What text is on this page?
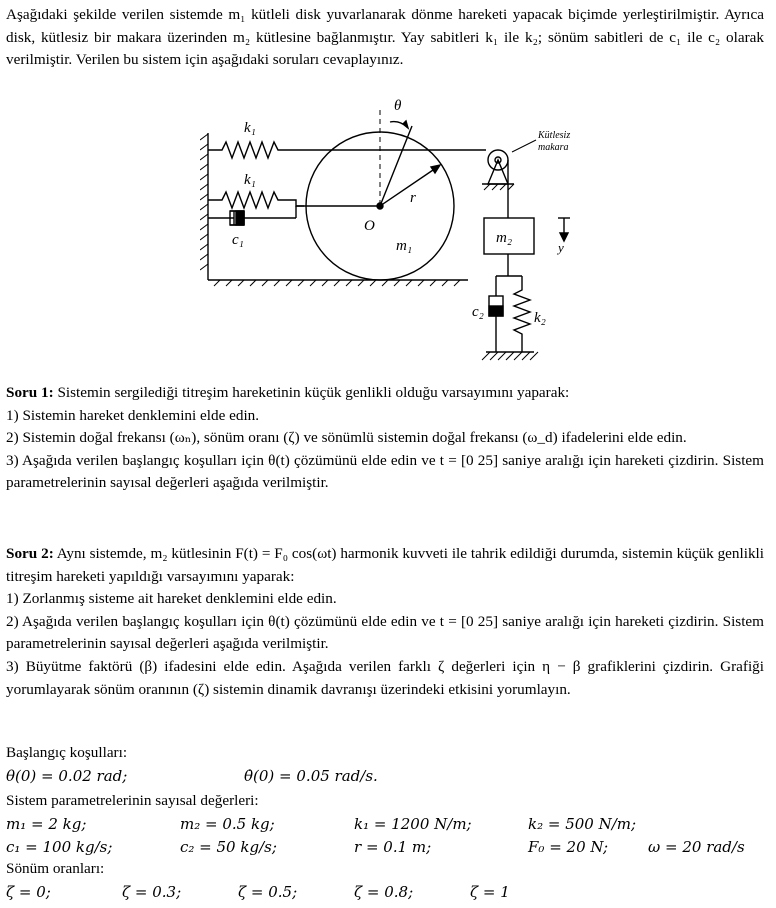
Aşağıdaki şekilde verilen sistemde m₁ kütleli disk yuvarlanarak dönme hareketi yapacak biçimde yerleştirilmiştir. Ayrıca disk, kütlesiz bir makara üzerinden m₂ kütlesine bağlanmıştır. Yay sabitleri k₁ ile k₂; sönüm sabitleri de c₁ ile c₂ olarak verilmiştir. Verilen bu sistem için aşağıdaki soruları cevaplayınız.

θ
k₁
k₁
c₁
O
r
m₁	m₂
y
c₂	k₂
Kütlesiz
makara

Soru 1: Sistemin sergilediği titreşim hareketinin küçük genlikli olduğu varsayımını yaparak:

1) Sistemin hareket denklemini elde edin.

2) Sistemin doğal frekansı (ωₙ), sönüm oranı (ζ) ve sönümlü sistemin doğal frekansı (ω_d) ifadelerini elde edin.

3) Aşağıda verilen başlangıç koşulları için θ(t) çözümünü elde edin ve t = [0 25] saniye aralığı için hareketi çizdirin. Sistem parametrelerinin sayısal değerleri aşağıda verilmiştir.

Soru 2: Aynı sistemde, m₂ kütlesinin F(t) = F₀ cos(ωt) harmonik kuvveti ile tahrik edildiği durumda, sistemin küçük genlikli titreşim hareketi yapıldığı varsayımını yaparak:

1) Zorlanmış sisteme ait hareket denklemini elde edin.

2) Aşağıda verilen başlangıç koşulları için θ(t) çözümünü elde edin ve t = [0 25] saniye aralığı için hareketi çizdirin. Sistem parametrelerinin sayısal değerleri aşağıda verilmiştir.

3) Büyütme faktörü (β) ifadesini elde edin. Aşağıda verilen farklı ζ değerleri için η − β grafiklerini çizdirin. Grafiği yorumlayarak sönüm oranının (ζ) sistemin dinamik davranışı üzerindeki etkisini yorumlayın.

Başlangıç koşulları:
θ(0) = 0.02 rad;	θ̇(0) = 0.05 rad/s.
Sistem parametrelerinin sayısal değerleri:
m₁ = 2 kg;	m₂ = 0.5 kg;	k₁ = 1200 N/m;	k₂ = 500 N/m;
c₁ = 100 kg/s;	c₂ = 50 kg/s;	r = 0.1 m;	F₀ = 20 N;	ω = 20 rad/s
Sönüm oranları:
ζ = 0;	ζ = 0.3;	ζ = 0.5;	ζ = 0.8;	ζ = 1
